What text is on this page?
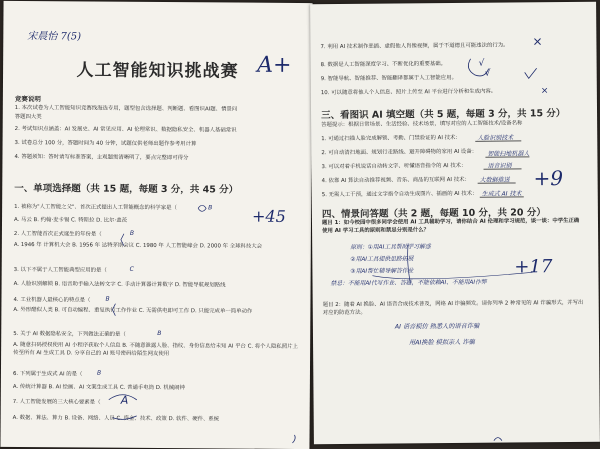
宋晨怡 7(5)
A+
人工智能知识挑战赛
竞赛说明
1. 本次试卷为人工智能知识竞赛线海选专用，题型包含选择题、判断题、看图识AI题、情景问
答题四大类
2. 考试知识点涵盖：AI 发展史、AI 常见应用、AI 伦理常识、数据隐私安全、机器人基础常识
3. 试卷总分 100 分，答题时间为 40 分钟，试题仅供老师出题作参考用计算
4. 答题须知：答时请写标准答案，主观题需清晰明了，要点完整即可得分
一、单项选择题（共 15 题，每题 3 分，共 45 分）
+45
1. 被称为"人工智能之父"、首次正式提出人工智能概念的科学家是（	B
A. 马云 B. 约翰·麦卡锡 C. 特斯拉 D. 比尔·盖茨
2. 人工智能首次正式诞生的年份是（	B
A. 1946 年 计算机大会 B. 1956 年 达特茅斯会议 C. 1980 年 人工智能峰会 D. 2000 年 全球科技大会
3. 以下不属于人工智能典型应用的是（	C
A. 人脸识别解锁 B. 语音助手输入法转文字 C. 手动计算器计算数字 D. 智能导航规划路线
4. 工业机器人最核心的特点是（	B
A. 外形酷似人类 B. 可自动编程、重复执行工作作业 C. 无需供电即可工作 D. 只能完成单一简单动作
5. 关于 AI 数据隐私安全，下列做法正确的是（	B
A. 随意扫码授权使用 AI 小程序获取个人信息 B. 不随意泄露人脸、指纹、身份信息给未知 AI 平台 C. 将个人隐私照片上传至所有 AI 生成工具 D. 分享自己的 AI 账号密码给陌生网友使用
6. 下列属于生成式 AI 的是（ B
A. 传统计算器 B. AI 绘画、AI 文案生成工具 C. 普通手电筒 D. 机械闹钟
7. 人工智能发展的三大核心要素是（ A
A. 数据、算法、算力 B. 设备、网络、人员 C. 资金、技术、政策 D. 软件、硬件、系统
7. 利用 AI 技术制作恶搞、虚假他人肖像视频，属于不道德且可能违法的行为。 ×
8. 数据是人工智能深度学习、不断优化的重要基础。	√
9. 智能导航、智能推荐、智能翻译都属于人工智能应用。	√
10. 可以随意将他人个人信息、照片上传至 AI 平台进行分析和生成内容。	×
三、看图识 AI 填空题（共 5 题，每题 3 分，共 15 分）
答题提示：根据日常场景、生活经验、技术场景，填写对应的人工智能技术/设备名称
+9
1. 可通过扫描人脸完成解锁、考勤、门禁验证的 AI 技术：	人脸识别技术
2. 可自动清扫地面、规划行走路线、避开障碍物的家用 AI 设备： 智能扫地机器人
3. 可以对着手机说话自动转文字、听懂语音指令的 AI 技术：	语音识别
4. 依靠 AI 算法自动推荐视频、音乐、商品的互联网 AI 技术： 大数据推送
5. 无需人工干预，通过文字指令自动生成图片、插画的 AI 技术： 生成式 AI 技术
四、情景问答题（共 2 题，每题 10 分，共 20 分）
题目 1：如今校园中很多同学会使用 AI 工具辅助学习，请你结合 AI 伦理和学习规范，谈一谈：中学生正确使用 AI 学习工具的原则和禁忌分别是什么？
+17
原则：①用AI工具帮助学习解惑
②用AI工具提供思路拓展
③用AI帮忙辅导解答作业
禁忌：不能用AI代写作业、答题，不能依赖AI、不能用AI作弊
题目 2：随着 AI 换脸、AI 语音合成技术普及，网络 AI 诈骗频发。请你列举 2 种常见的 AI 诈骗形式，并写出对应的防范方法。
AI 语音模仿 熟悉人的语音诈骗
用AI换脸 模拟亲人 诈骗
